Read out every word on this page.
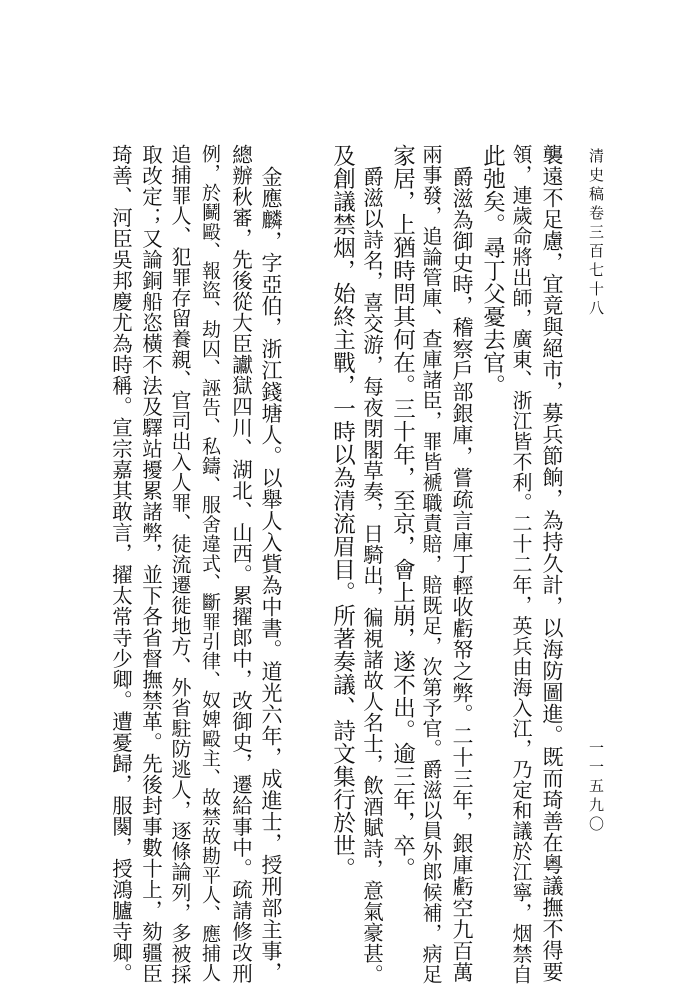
清史稿卷三百七十八
一一五九〇
襲遠不足慮，宜竟與絕市，募兵節餉，為持久計，以海防圖進。既而琦善在粵議撫不得要
領，連歲命將出師，廣東、浙江皆不利。二十二年，英兵由海入江，乃定和議於江寧，烟禁自
此弛矣。尋丁父憂去官。
爵滋為御史時，稽察戶部銀庫，嘗疏言庫丁輕收虧帑之弊。二十三年，銀庫虧空九百萬
兩事發，追論管庫、查庫諸臣，罪皆褫職責賠，賠既足，次第予官。爵滋以員外郎候補，病足
家居，上猶時問其何在。三十年，至京，會上崩，遂不出。逾三年，卒。
爵滋以詩名，喜交游，每夜閉閣草奏，日騎出，徧視諸故人名士，飲酒賦詩，意氣豪甚。
及創議禁烟，始終主戰，一時以為清流眉目。所著奏議、詩文集行於世。
金應麟，字亞伯，浙江錢塘人。以舉人入貲為中書。道光六年，成進士，授刑部主事，
總辦秋審，先後從大臣讞獄四川、湖北、山西。累擢郎中，改御史，遷給事中。疏請修改刑
例，於鬭毆、報盜、劫囚、誣告、私鑄、服舍違式、斷罪引律、奴婢毆主、故禁故勘平人、應捕人
追捕罪人、犯罪存留養親、官司出入人罪、徒流遷徙地方、外省駐防逃人，逐條論列，多被採
取改定；又論銅船恣橫不法及驛站擾累諸弊，並下各省督撫禁革。先後封事數十上，劾疆臣
琦善、河臣吳邦慶尤為時稱。宣宗嘉其敢言，擢太常寺少卿。遭憂歸，服闋，授鴻臚寺卿。
